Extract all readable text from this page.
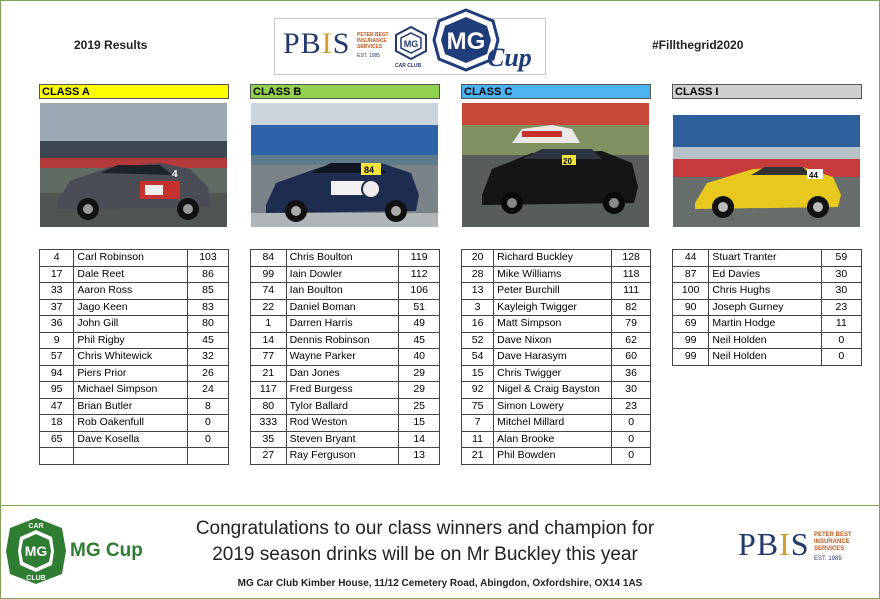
2019 Results	#Fillthegrid2020
PBIS PETER BEST INSURANCE SERVICES
EST. 1985
MG
CAR CLUB
MG
Cup
CLASS A	CLASS B	CLASS C	CLASS I
4	84
20
44
4	Carl Robinson	103
17	Dale Reet	86
33	Aaron Ross	85
37	Jago Keen	83
36	John Gill	80
9	Phil Rigby	45
57	Chris Whitewick	32
94	Piers Prior	26
95	Michael Simpson	24
47	Brian Butler	8
18	Rob Oakenfull	0
65	Dave Kosella	0

84	Chris Boulton	119
99	Iain Dowler	112
74	Ian Boulton	106
22	Daniel Boman	51
1	Darren Harris	49
14	Dennis Robinson	45
77	Wayne Parker	40
21	Dan Jones	29
117	Fred Burgess	29
80	Tylor Ballard	25
333	Rod Weston	15
35	Steven Bryant	14
27	Ray Ferguson	13
20	Richard Buckley	128
28	Mike Williams	118
13	Peter Burchill	111
3	Kayleigh Twigger	82
16	Matt Simpson	79
52	Dave Nixon	62
54	Dave Harasym	60
15	Chris Twigger	36
92	Nigel & Craig Bayston	30
75	Simon Lowery	23
7	Mitchel Millard	0
11	Alan Brooke	0
21	Phil Bowden	0
44	Stuart Tranter	59
87	Ed Davies	30
100	Chris Hughs	30
90	Joseph Gurney	23
69	Martin Hodge	11
99	Neil Holden	0
99	Neil Holden	0
MG
CAR
CLUB
MG Cup
Congratulations to our class winners and champion for
2019 season drinks will be on Mr Buckley this year	PBIS PETER BEST INSURANCE SERVICES
EST. 1985
MG Car Club Kimber House, 11/12 Cemetery Road, Abingdon, Oxfordshire, OX14 1AS
